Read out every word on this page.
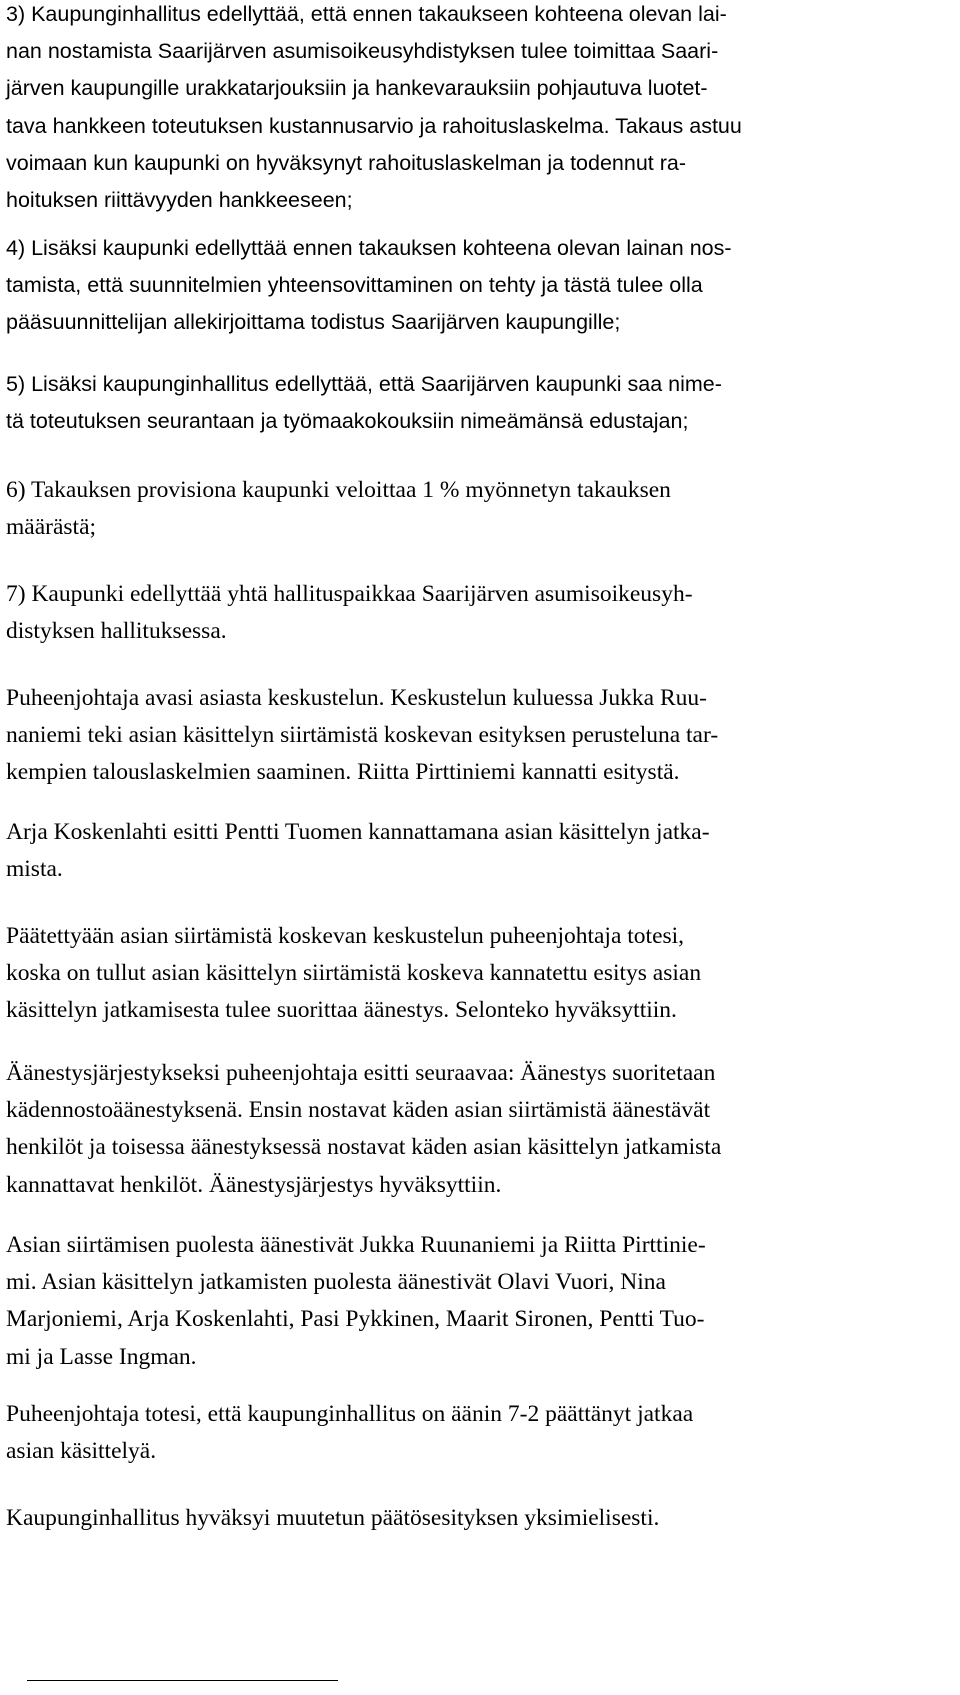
3) Kaupunginhallitus edellyttää, että ennen takaukseen kohteena olevan lai-
nan nostamista Saarijärven asumisoikeusyhdistyksen tulee toimittaa Saari-
järven kaupungille urakkatarjouksiin ja hankevarauksiin pohjautuva luotet-
tava hankkeen toteutuksen kustannusarvio ja rahoituslaskelma. Takaus astuu
voimaan kun kaupunki on hyväksynyt rahoituslaskelman ja todennut ra-
hoituksen riittävyyden hankkeeseen;

4) Lisäksi kaupunki edellyttää ennen takauksen kohteena olevan lainan nos-
tamista, että suunnitelmien yhteensovittaminen on tehty ja tästä tulee olla
pääsuunnittelijan allekirjoittama todistus Saarijärven kaupungille;

5) Lisäksi kaupunginhallitus edellyttää, että Saarijärven kaupunki saa nime-
tä toteutuksen seurantaan ja työmaakokouksiin nimeämänsä edustajan;

6) Takauksen provisiona kaupunki veloittaa 1 % myönnetyn takauksen
määrästä;

7) Kaupunki edellyttää yhtä hallituspaikkaa Saarijärven asumisoikeusyh-
distyksen hallituksessa.

Puheenjohtaja avasi asiasta keskustelun. Keskustelun kuluessa Jukka Ruu-
naniemi teki asian käsittelyn siirtämistä koskevan esityksen perusteluna tar-
kempien talouslaskelmien saaminen. Riitta Pirttiniemi kannatti esitystä.

Arja Koskenlahti esitti Pentti Tuomen kannattamana asian käsittelyn jatka-
mista.

Päätettyään asian siirtämistä koskevan keskustelun puheenjohtaja totesi,
koska on tullut asian käsittelyn siirtämistä koskeva kannatettu esitys asian
käsittelyn jatkamisesta tulee suorittaa äänestys. Selonteko hyväksyttiin.

Äänestysjärjestykseksi puheenjohtaja esitti seuraavaa: Äänestys suoritetaan
kädennostoäänestyksenä. Ensin nostavat käden asian siirtämistä äänestävät
henkilöt ja toisessa äänestyksessä nostavat käden asian käsittelyn jatkamista
kannattavat henkilöt. Äänestysjärjestys hyväksyttiin.

Asian siirtämisen puolesta äänestivät Jukka Ruunaniemi ja Riitta Pirttinie-
mi. Asian käsittelyn jatkamisten puolesta äänestivät Olavi Vuori, Nina
Marjoniemi, Arja Koskenlahti, Pasi Pykkinen, Maarit Sironen, Pentti Tuo-
mi ja Lasse Ingman.

Puheenjohtaja totesi, että kaupunginhallitus on äänin 7-2 päättänyt jatkaa
asian käsittelyä.

Kaupunginhallitus hyväksyi muutetun päätösesityksen yksimielisesti.
